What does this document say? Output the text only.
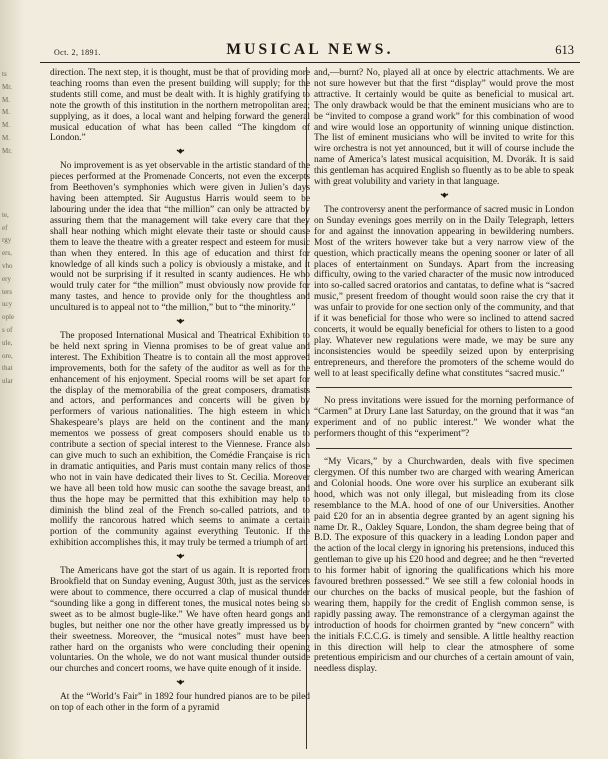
ts
Mr.
M.
M.
M.
M.
Mr.

te,
ef
rgy
ers,
vho
ery
ters
ucy
ople
s of
ule,
ore,
that
ular

Oct. 2, 1891.	MUSICAL NEWS.	613

direction. The next step, it is thought, must be that of providing more teaching rooms than even the present building will supply; for the students still come, and must be dealt with. It is highly gratifying to note the growth of this institution in the northern metropolitan area; supplying, as it does, a local want and helping forward the general musical education of what has been called “The kingdom of London.”

•◆•

No improvement is as yet observable in the artistic standard of the pieces performed at the Promenade Concerts, not even the excerpts from Beethoven’s symphonies which were given in Julien’s days having been attempted. Sir Augustus Harris would seem to be labouring under the idea that “the million” can only be attracted by assuring them that the management will take every care that they shall hear nothing which might elevate their taste or should cause them to leave the theatre with a greater respect and esteem for music than when they entered. In this age of education and thirst for knowledge of all kinds such a policy is obviously a mistake, and it would not be surprising if it resulted in scanty audiences. He who would truly cater for “the million” must obviously now provide for many tastes, and hence to provide only for the thoughtless and uncultured is to appeal not to “the million,” but to “the minority.”

•◆•

The proposed International Musical and Theatrical Exhibition to be held next spring in Vienna promises to be of great value and interest. The Exhibition Theatre is to contain all the most approved improvements, both for the safety of the auditor as well as for the enhancement of his enjoyment. Special rooms will be set apart for the display of the memorabilia of the great composers, dramatists and actors, and performances and concerts will be given by performers of various nationalities. The high esteem in which Shakespeare’s plays are held on the continent and the many mementos we possess of great composers should enable us to contribute a section of special interest to the Viennese. France also can give much to such an exhibition, the Comédie Française is rich in dramatic antiquities, and Paris must contain many relics of those who not in vain have dedicated their lives to St. Cecilia. Moreover we have all been told how music can soothe the savage breast, and thus the hope may be permitted that this exhibition may help to diminish the blind zeal of the French so-called patriots, and to mollify the rancorous hatred which seems to animate a certain portion of the community against everything Teutonic. If the exhibition accomplishes this, it may truly be termed a triumph of art.

•◆•

The Americans have got the start of us again. It is reported from Brookfield that on Sunday evening, August 30th, just as the services were about to commence, there occurred a clap of musical thunder “sounding like a gong in different tones, the musical notes being so sweet as to be almost bugle-like.” We have often heard gongs and bugles, but neither one nor the other have greatly impressed us by their sweetness. Moreover, the “musical notes” must have been rather hard on the organists who were concluding their opening voluntaries. On the whole, we do not want musical thunder outside our churches and concert rooms, we have quite enough of it inside.

•◆•

At the “World’s Fair” in 1892 four hundred pianos are to be piled on top of each other in the form of a pyramid

and,—burnt? No, played all at once by electric attachments. We are not sure however but that the first “display” would prove the most attractive. It certainly would be quite as beneficial to musical art. The only drawback would be that the eminent musicians who are to be “invited to compose a grand work” for this combination of wood and wire would lose an opportunity of winning unique distinction. The list of eminent musicians who will be invited to write for this wire orchestra is not yet announced, but it will of course include the name of America’s latest musical acquisition, M. Dvorák. It is said this gentleman has acquired English so fluently as to be able to speak with great volubility and variety in that language.

•◆•

The controversy anent the performance of sacred music in London on Sunday evenings goes merrily on in the Daily Telegraph, letters for and against the innovation appearing in bewildering numbers. Most of the writers however take but a very narrow view of the question, which practically means the opening sooner or later of all places of entertainment on Sundays. Apart from the increasing difficulty, owing to the varied character of the music now introduced into so-called sacred oratorios and cantatas, to define what is “sacred music,” present freedom of thought would soon raise the cry that it was unfair to provide for one section only of the community, and that if it was beneficial for those who were so inclined to attend sacred concerts, it would be equally beneficial for others to listen to a good play. Whatever new regulations were made, we may be sure any inconsistencies would be speedily seized upon by enterprising entrepreneurs, and therefore the promoters of the scheme would do well to at least specifically define what constitutes “sacred music.”

No press invitations were issued for the morning performance of “Carmen” at Drury Lane last Saturday, on the ground that it was “an experiment and of no public interest.” We wonder what the performers thought of this “experiment”?

“My Vicars,” by a Churchwarden, deals with five specimen clergymen. Of this number two are charged with wearing American and Colonial hoods. One wore over his surplice an exuberant silk hood, which was not only illegal, but misleading from its close resemblance to the M.A. hood of one of our Universities. Another paid £20 for an in absentia degree granted by an agent signing his name Dr. R., Oakley Square, London, the sham degree being that of B.D. The exposure of this quackery in a leading London paper and the action of the local clergy in ignoring his pretensions, induced this gentleman to give up his £20 hood and degree; and he then “reverted to his former habit of ignoring the qualifications which his more favoured brethren possessed.” We see still a few colonial hoods in our churches on the backs of musical people, but the fashion of wearing them, happily for the credit of English common sense, is rapidly passing away. The remonstrance of a clergyman against the introduction of hoods for choirmen granted by “new concern” with the initials F.C.C.G. is timely and sensible. A little healthy reaction in this direction will help to clear the atmosphere of some pretentious empiricism and our churches of a certain amount of vain, needless display.
